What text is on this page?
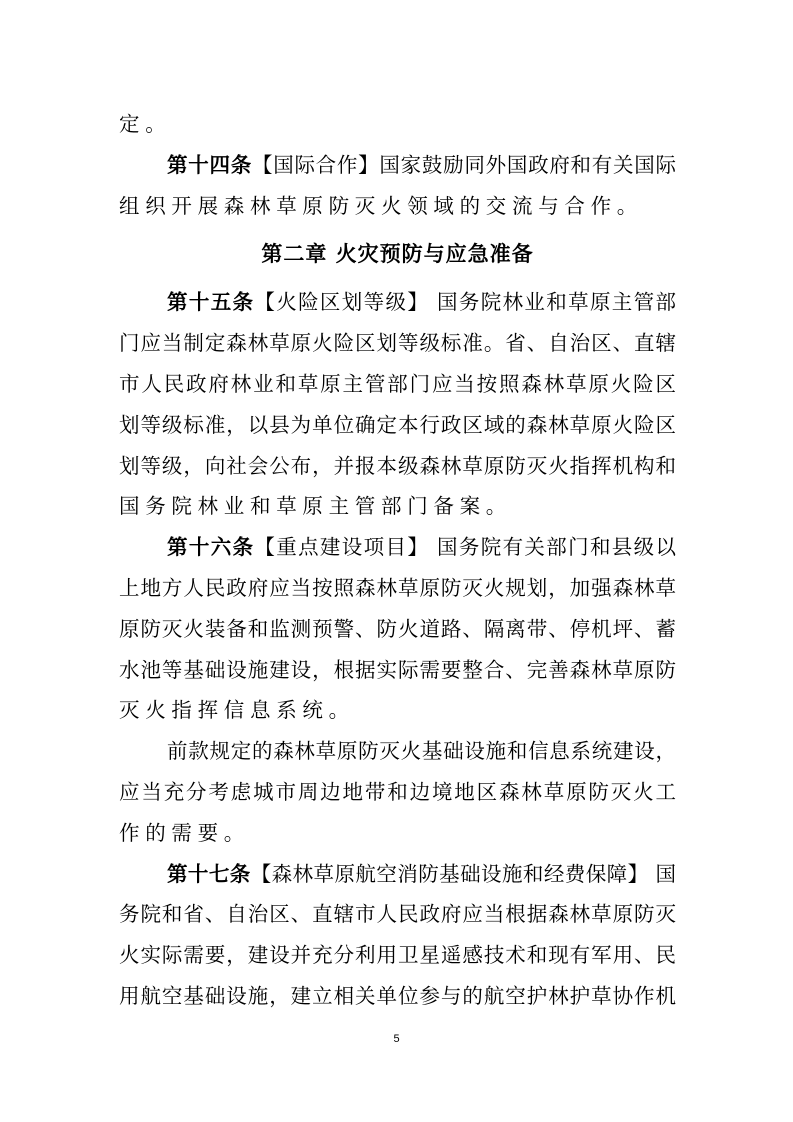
定。
第十四条【国际合作】国家鼓励同外国政府和有关国际
组织开展森林草原防灭火领域的交流与合作。
第二章 火灾预防与应急准备
第十五条【火险区划等级】 国务院林业和草原主管部
门应当制定森林草原火险区划等级标准。省、自治区、直辖
市人民政府林业和草原主管部门应当按照森林草原火险区
划等级标准，以县为单位确定本行政区域的森林草原火险区
划等级，向社会公布，并报本级森林草原防灭火指挥机构和
国务院林业和草原主管部门备案。
第十六条【重点建设项目】 国务院有关部门和县级以
上地方人民政府应当按照森林草原防灭火规划，加强森林草
原防灭火装备和监测预警、防火道路、隔离带、停机坪、蓄
水池等基础设施建设，根据实际需要整合、完善森林草原防
灭火指挥信息系统。
前款规定的森林草原防灭火基础设施和信息系统建设，
应当充分考虑城市周边地带和边境地区森林草原防灭火工
作的需要。
第十七条【森林草原航空消防基础设施和经费保障】 国
务院和省、自治区、直辖市人民政府应当根据森林草原防灭
火实际需要，建设并充分利用卫星遥感技术和现有军用、民
用航空基础设施，建立相关单位参与的航空护林护草协作机
5
